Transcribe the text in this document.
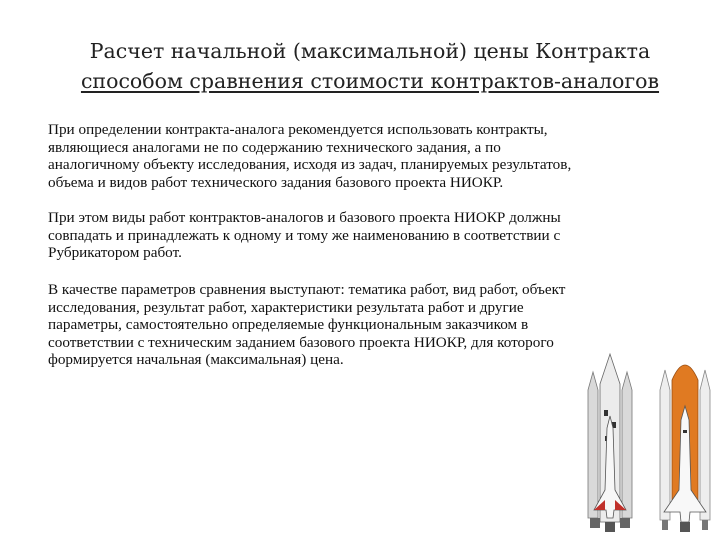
Расчет начальной (максимальной) цены Контракта
способом сравнения стоимости контрактов-аналогов
При определении контракта-аналога рекомендуется использовать контракты,
являющиеся аналогами не по содержанию технического задания, а по
аналогичному объекту исследования, исходя из задач, планируемых результатов,
объема и видов работ технического задания базового проекта НИОКР.
При этом виды работ контрактов-аналогов и базового проекта НИОКР должны
совпадать и принадлежать к одному и тому же наименованию в соответствии с
Рубрикатором работ.
В качестве параметров сравнения выступают: тематика работ, вид работ, объект
исследования, результат работ, характеристики результата работ и другие
параметры, самостоятельно определяемые функциональным заказчиком в
соответствии с техническим заданием базового проекта НИОКР, для которого
формируется начальная (максимальная) цена.
